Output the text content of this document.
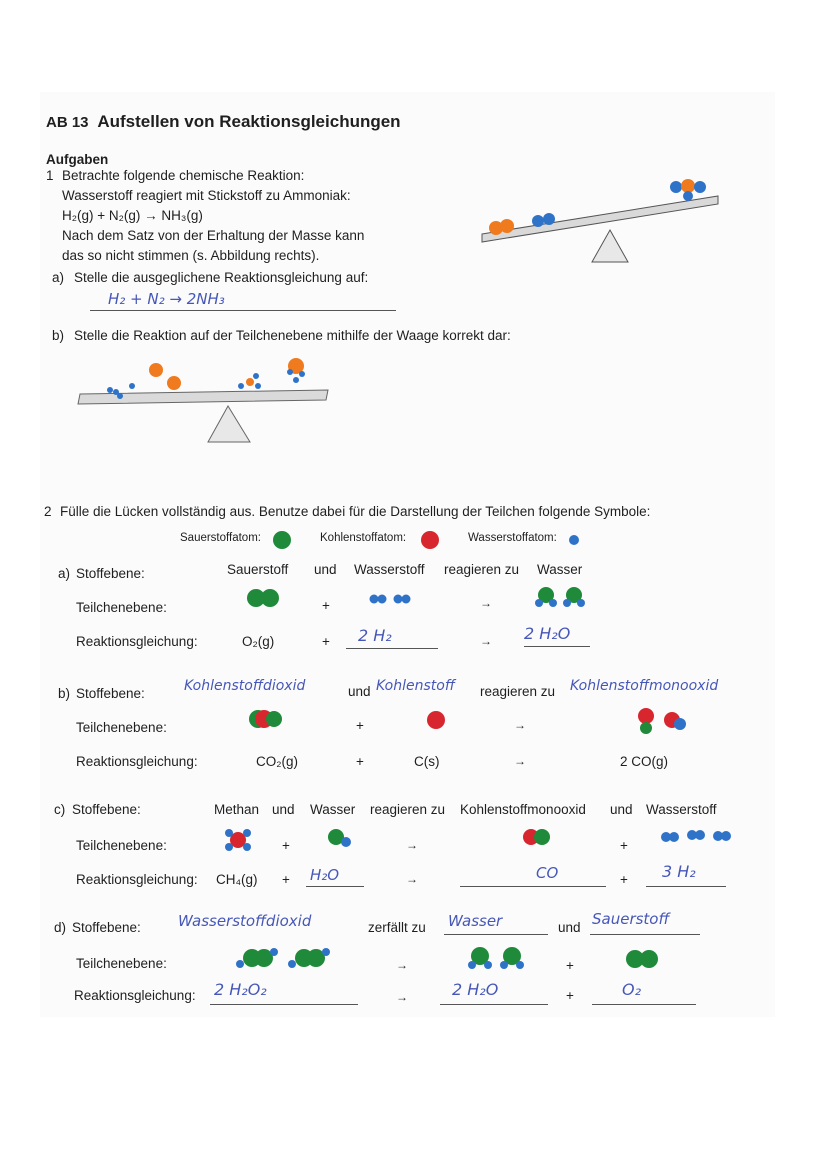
AB 13 Aufstellen von Reaktionsgleichungen
Aufgaben
1 Betrachte folgende chemische Reaktion:
Wasserstoff reagiert mit Stickstoff zu Ammoniak:
H₂(g) + N₂(g) → NH₃(g)
Nach dem Satz von der Erhaltung der Masse kann
das so nicht stimmen (s. Abbildung rechts).
a) Stelle die ausgeglichene Reaktionsgleichung auf:
H₂ + N₂ → 2NH₃
b) Stelle die Reaktion auf der Teilchenebene mithilfe der Waage korrekt dar:
2 Fülle die Lücken vollständig aus. Benutze dabei für die Darstellung der Teilchen folgende Symbole:
Sauerstoffatom:	Kohlenstoffatom:	Wasserstoffatom:
a) Stoffebene:	Sauerstoff und Wasserstoff reagieren zu Wasser
Teilchenebene:	+	→
Reaktionsgleichung:	O₂(g)	+ 2 H₂	→ 2 H₂O
b) Stoffebene:	Kohlenstoffdioxid	und Kohlenstoff reagieren zu Kohlenstoffmonooxid
Teilchenebene:	+	→
Reaktionsgleichung:	CO₂(g)	+	C(s)	→	2 CO(g)
c) Stoffebene:	Methan und Wasser reagieren zu Kohlenstoffmonooxid und Wasserstoff
Teilchenebene:	+	→	+
Reaktionsgleichung: CH₄(g) + H₂O	→	CO	+ 3 H₂
d) Stoffebene: Wasserstoffdioxid	zerfällt zu Wasser	und Sauerstoff
Teilchenebene:	→	+
Reaktionsgleichung: 2 H₂O₂	→	2 H₂O	+	O₂
